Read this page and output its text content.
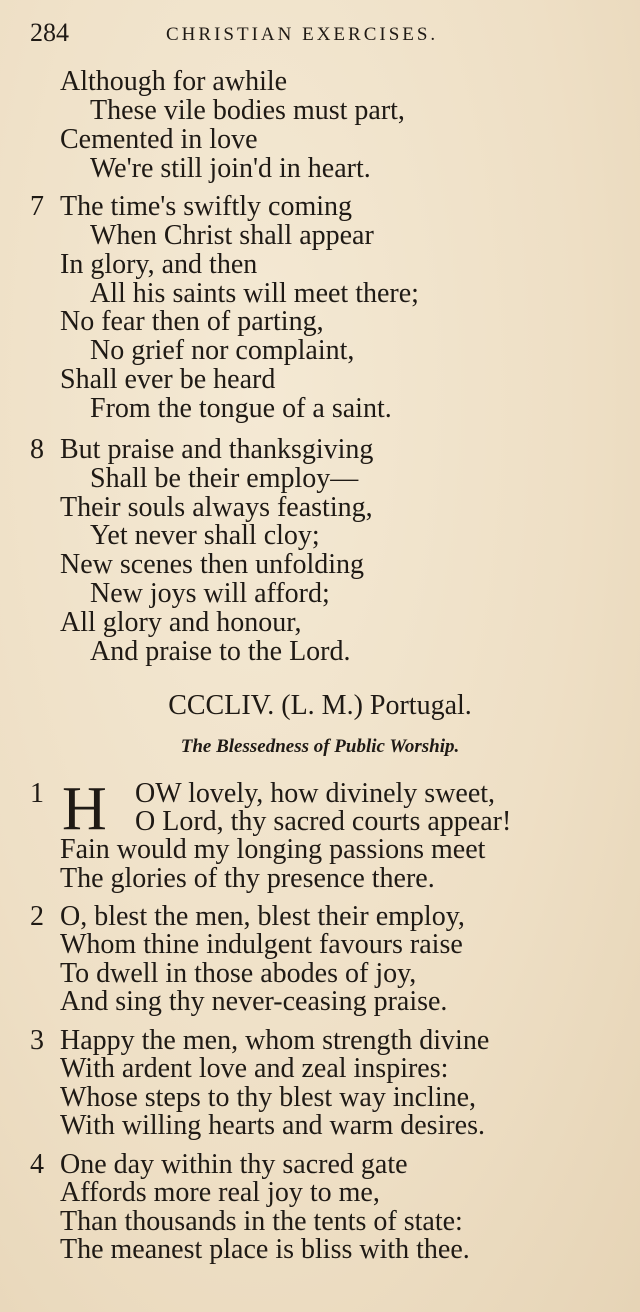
284	CHRISTIAN EXERCISES.
Although for awhile
These vile bodies must part,
Cemented in love
We're still join'd in heart.
7 The time's swiftly coming
When Christ shall appear
In glory, and then
All his saints will meet there;
No fear then of parting,
No grief nor complaint,
Shall ever be heard
From the tongue of a saint.
8 But praise and thanksgiving
Shall be their employ—
Their souls always feasting,
Yet never shall cloy;
New scenes then unfolding
New joys will afford;
All glory and honour,
And praise to the Lord.
CCCLIV. (L. M.) Portugal.
The Blessedness of Public Worship.
1 H OW lovely, how divinely sweet,
O Lord, thy sacred courts appear!
Fain would my longing passions meet
The glories of thy presence there.
2 O, blest the men, blest their employ,
Whom thine indulgent favours raise
To dwell in those abodes of joy,
And sing thy never-ceasing praise.
3 Happy the men, whom strength divine
With ardent love and zeal inspires:
Whose steps to thy blest way incline,
With willing hearts and warm desires.
4 One day within thy sacred gate
Affords more real joy to me,
Than thousands in the tents of state:
The meanest place is bliss with thee.
